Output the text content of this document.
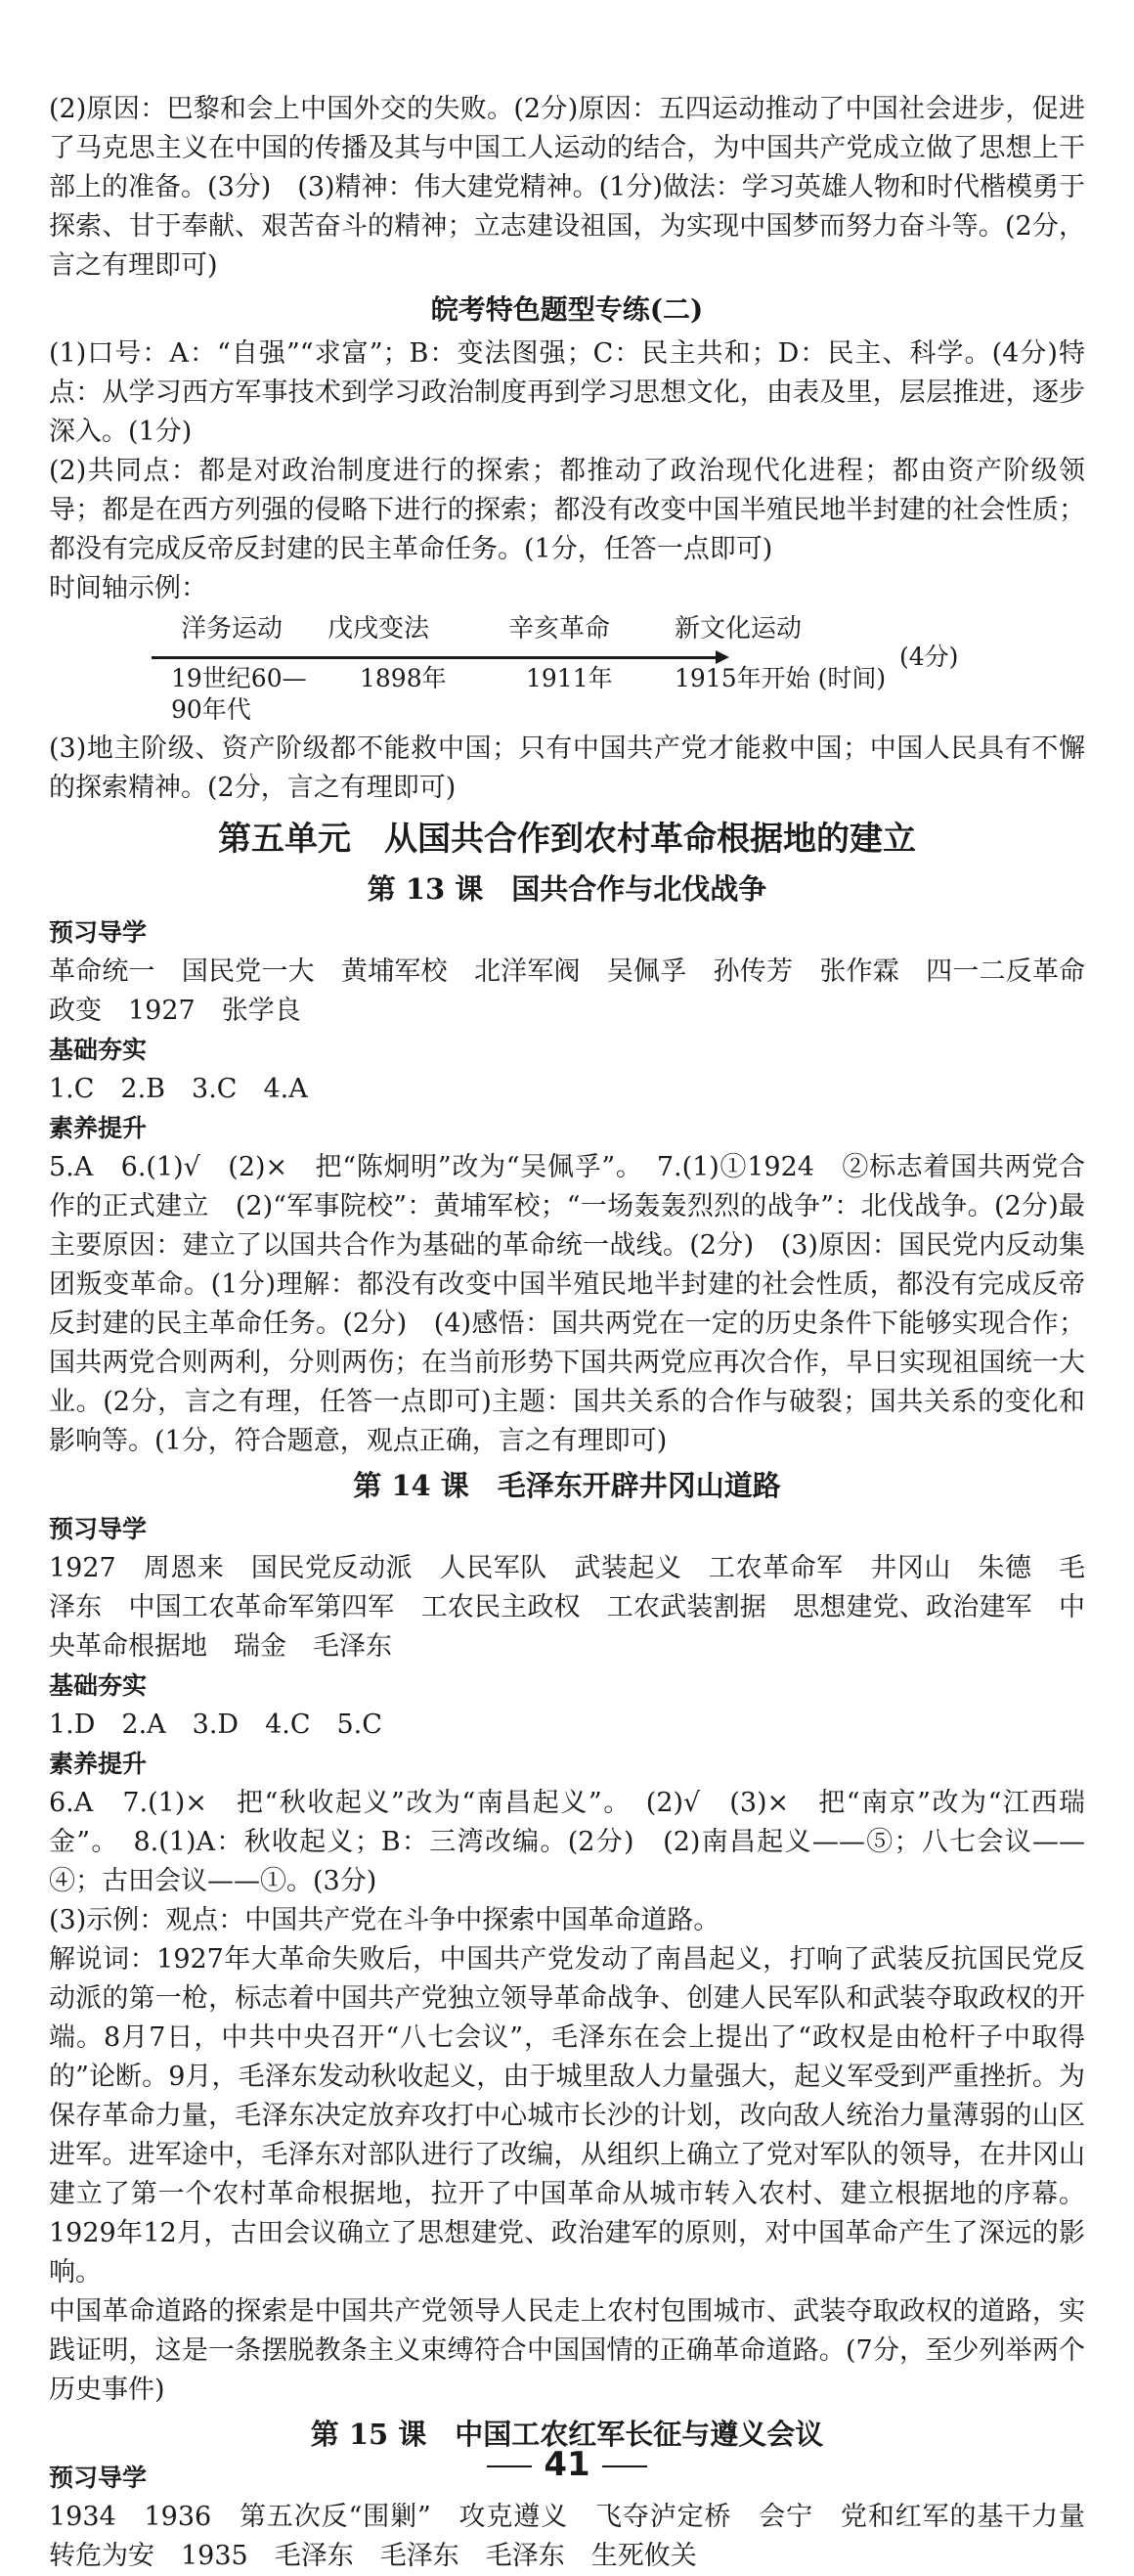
(2)原因：巴黎和会上中国外交的失败。(2分)原因：五四运动推动了中国社会进步，促进了马克思主义在中国的传播及其与中国工人运动的结合，为中国共产党成立做了思想上干部上的准备。(3分)　(3)精神：伟大建党精神。(1分)做法：学习英雄人物和时代楷模勇于探索、甘于奉献、艰苦奋斗的精神；立志建设祖国，为实现中国梦而努力奋斗等。(2分，言之有理即可)

皖考特色题型专练(二)

(1)口号：A：“自强”“求富”；B：变法图强；C：民主共和；D：民主、科学。(4分)特点：从学习西方军事技术到学习政治制度再到学习思想文化，由表及里，层层推进，逐步深入。(1分)

(2)共同点：都是对政治制度进行的探索；都推动了政治现代化进程；都由资产阶级领导；都是在西方列强的侵略下进行的探索；都没有改变中国半殖民地半封建的社会性质；都没有完成反帝反封建的民主革命任务。(1分，任答一点即可)

时间轴示例：

洋务运动 戊戌变法	辛亥革命	新文化运动
19世纪60—
90年代
1898年	1911年	1915年开始 (时间)
(4分)

(3)地主阶级、资产阶级都不能救中国；只有中国共产党才能救中国；中国人民具有不懈的探索精神。(2分，言之有理即可)

第五单元　从国共合作到农村革命根据地的建立
第 13 课　国共合作与北伐战争

预习导学

革命统一　国民党一大　黄埔军校　北洋军阀　吴佩孚　孙传芳　张作霖　四一二反革命政变　1927　张学良

基础夯实

1.C　2.B　3.C　4.A

素养提升

5.A　6.(1)√　(2)×　把“陈炯明”改为“吴佩孚”。　7.(1)①1924　②标志着国共两党合作的正式建立　(2)“军事院校”：黄埔军校；“一场轰轰烈烈的战争”：北伐战争。(2分)最主要原因：建立了以国共合作为基础的革命统一战线。(2分)　(3)原因：国民党内反动集团叛变革命。(1分)理解：都没有改变中国半殖民地半封建的社会性质，都没有完成反帝反封建的民主革命任务。(2分)　(4)感悟：国共两党在一定的历史条件下能够实现合作；国共两党合则两利，分则两伤；在当前形势下国共两党应再次合作，早日实现祖国统一大业。(2分，言之有理，任答一点即可)主题：国共关系的合作与破裂；国共关系的变化和影响等。(1分，符合题意，观点正确，言之有理即可)

第 14 课　毛泽东开辟井冈山道路

预习导学

1927　周恩来　国民党反动派　人民军队　武装起义　工农革命军　井冈山　朱德　毛泽东　中国工农革命军第四军　工农民主政权　工农武装割据　思想建党、政治建军　中央革命根据地　瑞金　毛泽东

基础夯实

1.D　2.A　3.D　4.C　5.C

素养提升

6.A　7.(1)×　把“秋收起义”改为“南昌起义”。　(2)√　(3)×　把“南京”改为“江西瑞金”。　8.(1)A：秋收起义；B：三湾改编。(2分)　(2)南昌起义——⑤；八七会议——④；古田会议——①。(3分)

(3)示例：观点：中国共产党在斗争中探索中国革命道路。

解说词：1927年大革命失败后，中国共产党发动了南昌起义，打响了武装反抗国民党反动派的第一枪，标志着中国共产党独立领导革命战争、创建人民军队和武装夺取政权的开端。8月7日，中共中央召开“八七会议”，毛泽东在会上提出了“政权是由枪杆子中取得的”论断。9月，毛泽东发动秋收起义，由于城里敌人力量强大，起义军受到严重挫折。为保存革命力量，毛泽东决定放弃攻打中心城市长沙的计划，改向敌人统治力量薄弱的山区进军。进军途中，毛泽东对部队进行了改编，从组织上确立了党对军队的领导，在井冈山建立了第一个农村革命根据地，拉开了中国革命从城市转入农村、建立根据地的序幕。1929年12月，古田会议确立了思想建党、政治建军的原则，对中国革命产生了深远的影响。

中国革命道路的探索是中国共产党领导人民走上农村包围城市、武装夺取政权的道路，实践证明，这是一条摆脱教条主义束缚符合中国国情的正确革命道路。(7分，至少列举两个历史事件)

第 15 课　中国工农红军长征与遵义会议

预习导学

1934　1936　第五次反“围剿”　攻克遵义　飞夺泸定桥　会宁　党和红军的基干力量　转危为安　1935　毛泽东　毛泽东　毛泽东　生死攸关

41
